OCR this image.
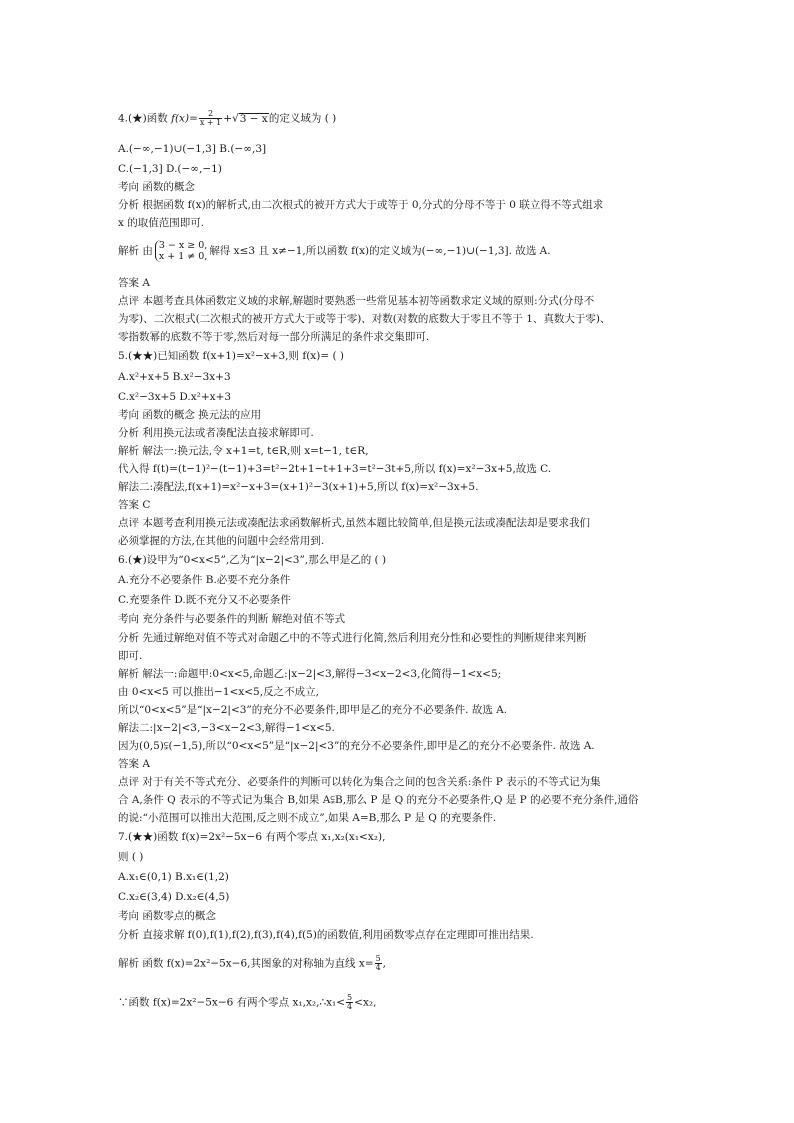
4.(★)函数 $f(x)= \frac{2}{x + 1} +√3 - x$的定义域为 ( )
A.(−∞,−1)∪(−1,3] B.(−∞,3]
C.(−1,3] D.(−∞,−1)
考向 函数的概念
分析 根据函数 f(x)的解析式,由二次根式的被开方式大于或等于 0,分式的分母不等于 0 联立得不等式组求
x 的取值范围即可.
解析 由 3 − x ≥ 0,
x + 1 ≠ 0, 解得 x≤3 且 x≠−1,所以函数 f(x)的定义域为(−∞,−1)∪(−1,3]. 故选 A.
答案 A
点评 本题考查具体函数定义域的求解,解题时要熟悉一些常见基本初等函数求定义域的原则:分式(分母不
为零)、二次根式(二次根式的被开方式大于或等于零)、对数(对数的底数大于零且不等于 1、真数大于零)、
零指数幂的底数不等于零,然后对每一部分所满足的条件求交集即可.
5.(★★)已知函数 f(x+1)=x²−x+3,则 f(x)= ( )
A.x²+x+5 B.x²−3x+3
C.x²−3x+5 D.x²+x+3
考向 函数的概念 换元法的应用
分析 利用换元法或者凑配法直接求解即可.
解析 解法一:换元法,令 x+1=t, t∈R,则 x=t−1, t∈R,
代入得 f(t)=(t−1)²−(t−1)+3=t²−2t+1−t+1+3=t²−3t+5,所以 f(x)=x²−3x+5,故选 C.
解法二:凑配法,f(x+1)=x²−x+3=(x+1)²−3(x+1)+5,所以 f(x)=x²−3x+5.
答案 C
点评 本题考查利用换元法或凑配法求函数解析式,虽然本题比较简单,但是换元法或凑配法却是要求我们
必须掌握的方法,在其他的问题中会经常用到.
6.(★)设甲为“0<x<5”,乙为“|x−2|<3”,那么甲是乙的 ( )
A.充分不必要条件 B.必要不充分条件
C.充要条件 D.既不充分又不必要条件
考向 充分条件与必要条件的判断 解绝对值不等式
分析 先通过解绝对值不等式对命题乙中的不等式进行化简,然后利用充分性和必要性的判断规律来判断
即可.
解析 解法一:命题甲:0<x<5,命题乙:|x−2|<3,解得−3<x−2<3,化简得−1<x<5;
由 0<x<5 可以推出−1<x<5,反之不成立,
所以“0<x<5”是“|x−2|<3”的充分不必要条件,即甲是乙的充分不必要条件. 故选 A.
解法二:|x−2|<3,−3<x−2<3,解得−1<x<5.
因为(0,5)⫋(−1,5),所以“0<x<5”是“|x−2|<3”的充分不必要条件,即甲是乙的充分不必要条件. 故选 A.
答案 A
点评 对于有关不等式充分、必要条件的判断可以转化为集合之间的包含关系:条件 P 表示的不等式记为集
合 A,条件 Q 表示的不等式记为集合 B,如果 A⫋B,那么 P 是 Q 的充分不必要条件,Q 是 P 的必要不充分条件,通俗
的说:“小范围可以推出大范围,反之则不成立”,如果 A=B,那么 P 是 Q 的充要条件.
7.(★★)函数 f(x)=2x²−5x−6 有两个零点 x₁,x₂(x₁<x₂),
则 ( )
A.x₁∈(0,1) B.x₁∈(1,2)
C.x₂∈(3,4) D.x₂∈(4,5)
考向 函数零点的概念
分析 直接求解 f(0),f(1),f(2),f(3),f(4),f(5)的函数值,利用函数零点存在定理即可推出结果.
解析 函数 f(x)=2x²−5x−6,其图象的对称轴为直线 $x= \frac{5}{4}$ ,
∵函数 f(x)=2x²−5x−6 有两个零点 x₁,x₂,∴x₁< $\frac{5}{4} <x_2$,
